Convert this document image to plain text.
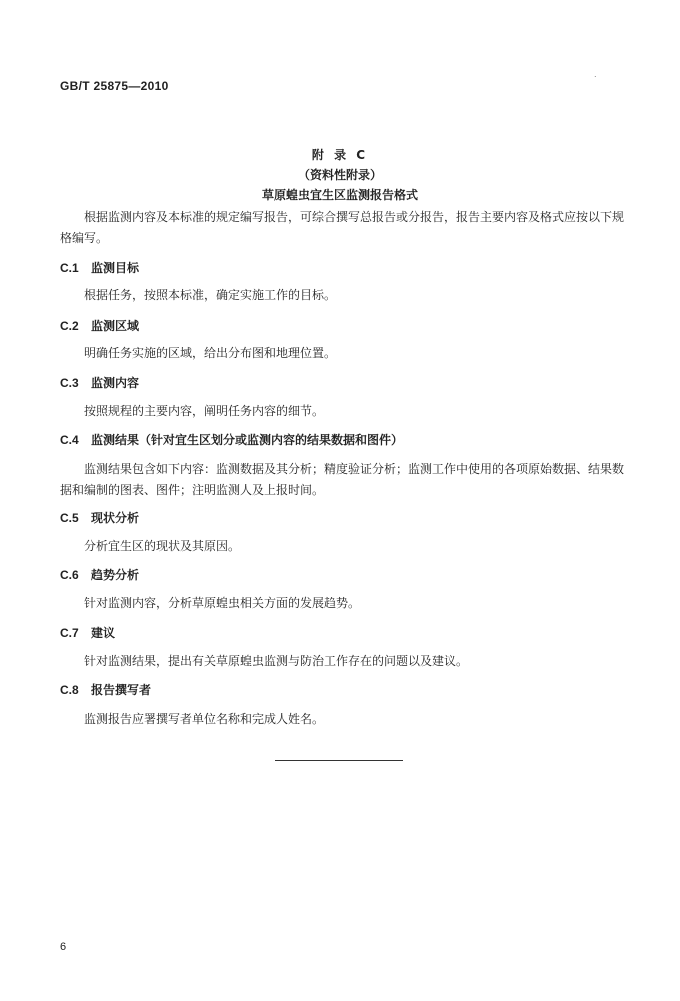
GB/T 25875—2010
.
附 录 C
（资料性附录）
草原蝗虫宜生区监测报告格式
根据监测内容及本标准的规定编写报告，可综合撰写总报告或分报告，报告主要内容及格式应按以下规格编写。
C.1 监测目标
根据任务，按照本标准，确定实施工作的目标。
C.2 监测区域
明确任务实施的区域，给出分布图和地理位置。
C.3 监测内容
按照规程的主要内容，阐明任务内容的细节。
C.4 监测结果（针对宜生区划分或监测内容的结果数据和图件）
监测结果包含如下内容：监测数据及其分析；精度验证分析；监测工作中使用的各项原始数据、结果数据和编制的图表、图件；注明监测人及上报时间。
C.5 现状分析
分析宜生区的现状及其原因。
C.6 趋势分析
针对监测内容，分析草原蝗虫相关方面的发展趋势。
C.7 建议
针对监测结果，提出有关草原蝗虫监测与防治工作存在的问题以及建议。
C.8 报告撰写者
监测报告应署撰写者单位名称和完成人姓名。
6
